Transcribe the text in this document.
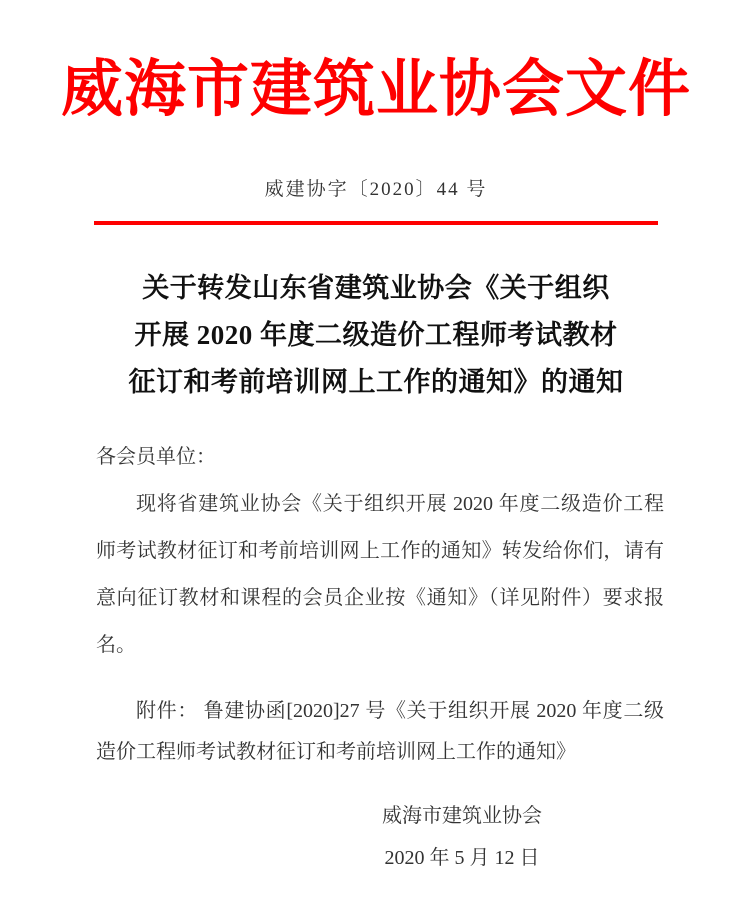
威海市建筑业协会文件
威建协字〔2020〕44 号
关于转发山东省建筑业协会《关于组织
开展 2020 年度二级造价工程师考试教材
征订和考前培训网上工作的通知》的通知
各会员单位：
现将省建筑业协会《关于组织开展 2020 年度二级造价工程师考试教材征订和考前培训网上工作的通知》转发给你们，请有意向征订教材和课程的会员企业按《通知》（详见附件）要求报名。
附件： 鲁建协函[2020]27 号《关于组织开展 2020 年度二级造价工程师考试教材征订和考前培训网上工作的通知》
威海市建筑业协会
2020 年 5 月 12 日
